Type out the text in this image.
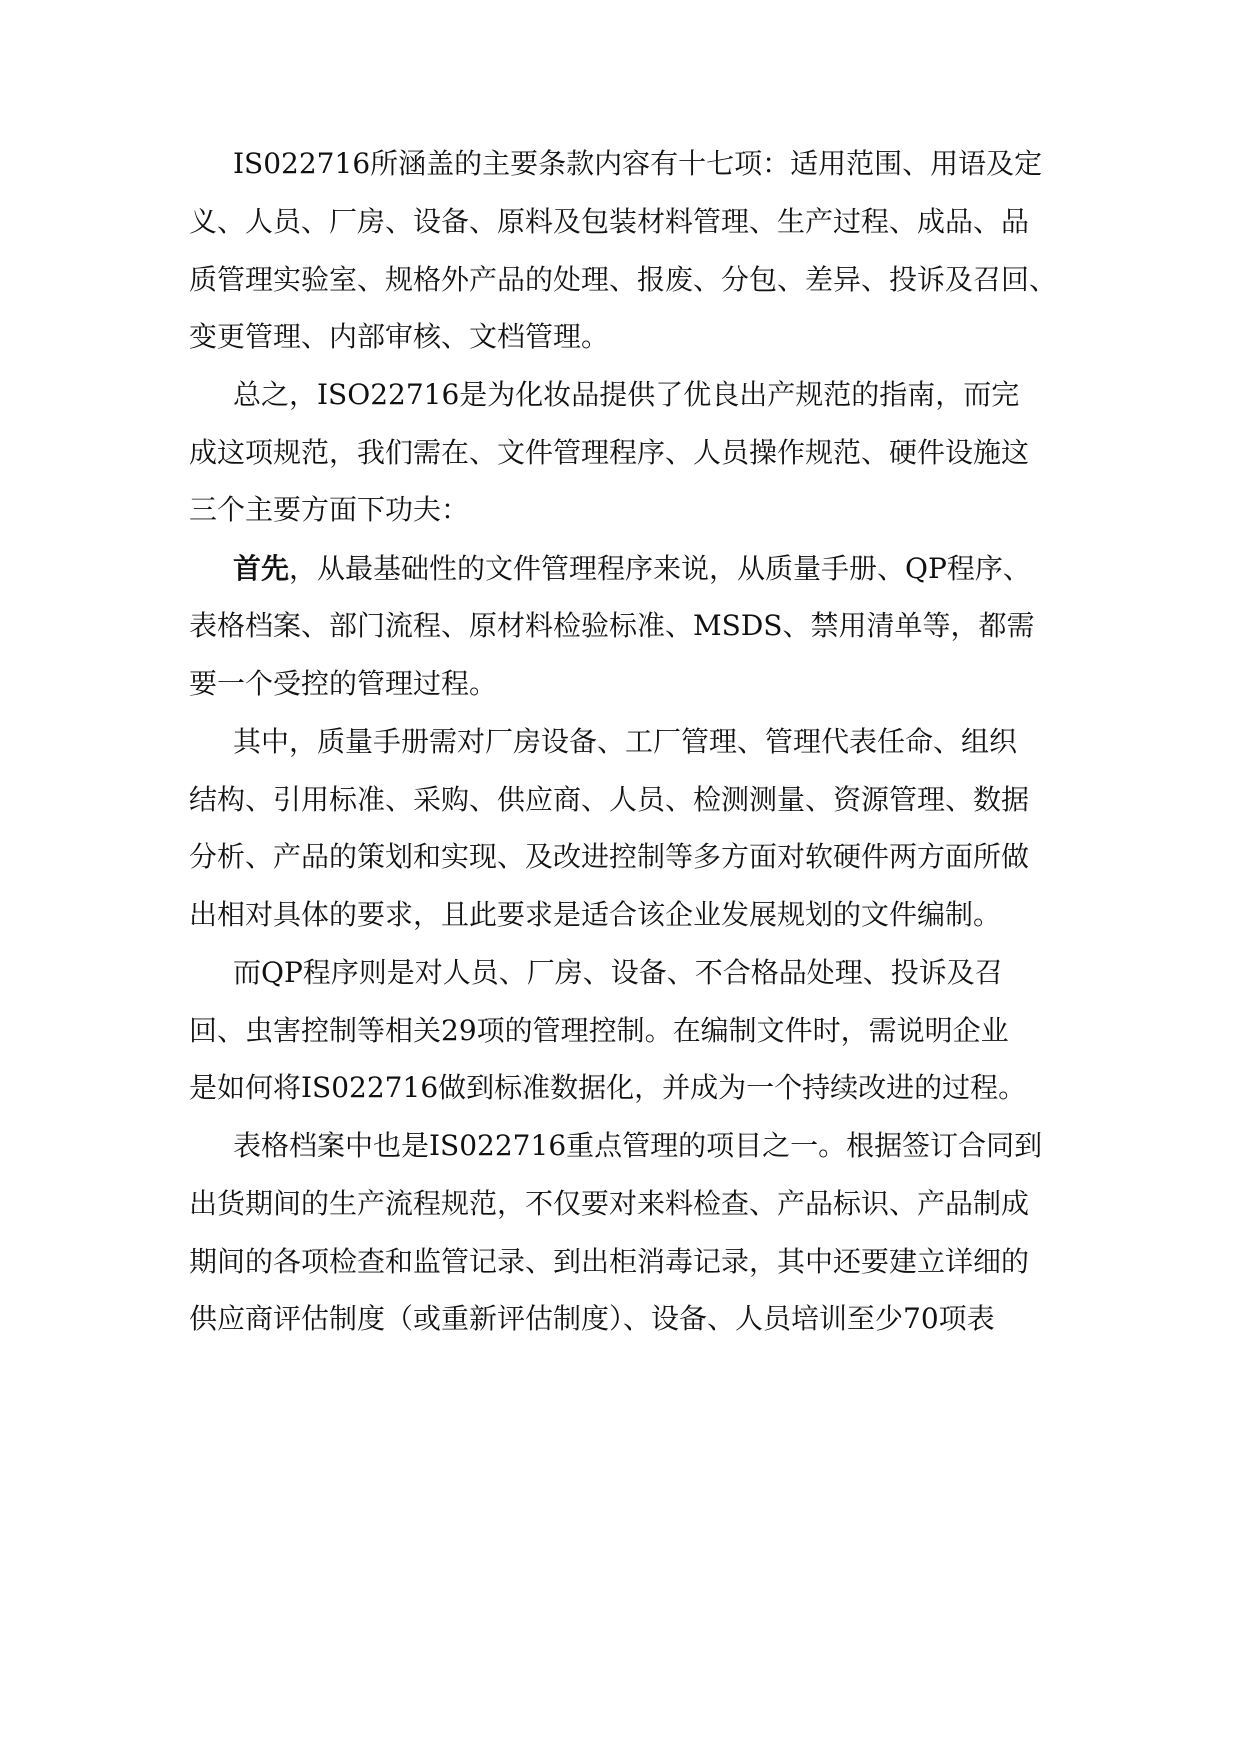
IS022716所涵盖的主要条款内容有十七项：适用范围、用语及定
义、人员、厂房、设备、原料及包装材料管理、生产过程、成品、品
质管理实验室、规格外产品的处理、报废、分包、差异、投诉及召回、
变更管理、内部审核、文档管理。
总之，ISO22716是为化妆品提供了优良出产规范的指南，而完
成这项规范，我们需在、文件管理程序、人员操作规范、硬件设施这
三个主要方面下功夫：
首先，从最基础性的文件管理程序来说，从质量手册、QP程序、
表格档案、部门流程、原材料检验标准、MSDS、禁用清单等，都需
要一个受控的管理过程。
其中，质量手册需对厂房设备、工厂管理、管理代表任命、组织
结构、引用标准、采购、供应商、人员、检测测量、资源管理、数据
分析、产品的策划和实现、及改进控制等多方面对软硬件两方面所做
出相对具体的要求，且此要求是适合该企业发展规划的文件编制。
而QP程序则是对人员、厂房、设备、不合格品处理、投诉及召
回、虫害控制等相关29项的管理控制。在编制文件时，需说明企业
是如何将IS022716做到标准数据化，并成为一个持续改进的过程。
表格档案中也是IS022716重点管理的项目之一。根据签订合同到
出货期间的生产流程规范，不仅要对来料检查、产品标识、产品制成
期间的各项检查和监管记录、到出柜消毒记录，其中还要建立详细的
供应商评估制度（或重新评估制度）、设备、人员培训至少70项表
